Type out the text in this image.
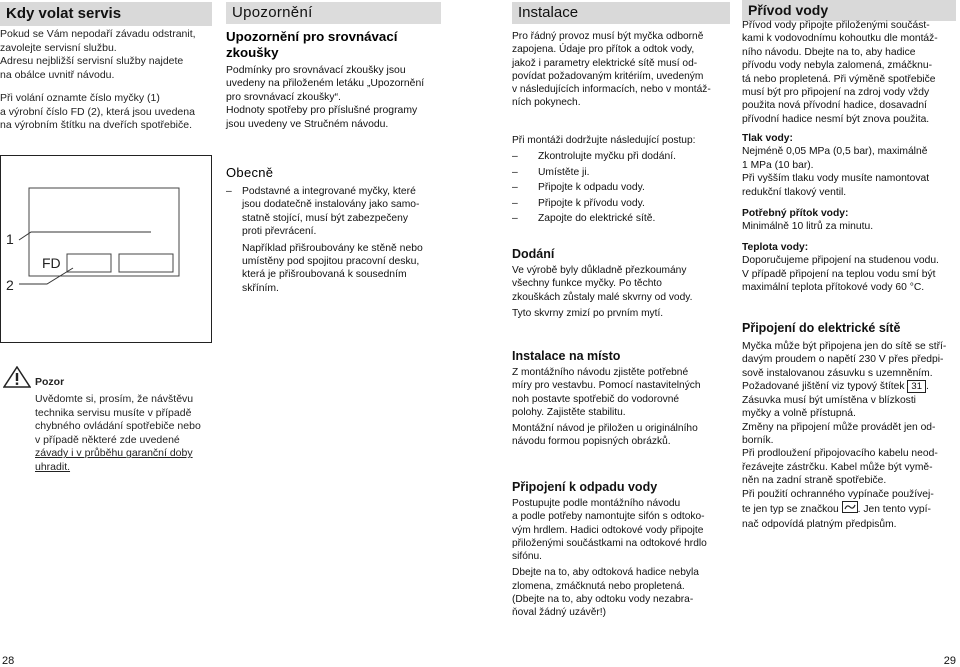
Kdy volat servis

Pokud se Vám nepodaří závadu odstranit,

zavolejte servisní službu.

Adresu nejbližší servisní služby najdete

na obálce uvnitř návodu.

Při volání oznamte číslo myčky (1)

a výrobní číslo FD (2), která jsou uvedena

na výrobním štítku na dveřích spotřebiče.

1
2
FD

Pozor

Uvědomte si, prosím, že návštěvu

technika servisu musíte v případě

chybného ovládání spotřebiče nebo

v případě některé zde uvedené

závady i v průběhu garanční doby

uhradit.

Upozornění

Upozornění pro srovnávací zkoušky

Podmínky pro srovnávací zkoušky jsou

uvedeny na přiloženém letáku „Upozornění

pro srovnávací zkoušky“.

Hodnoty spotřeby pro příslušné programy

jsou uvedeny ve Stručném návodu.

Obecně

– Podstavné a integrované myčky, které
jsou dodatečně instalovány jako samo-
statně stojící, musí být zabezpečeny
proti převrácení.

Například přišroubovány ke stěně nebo

umístěny pod spojitou pracovní desku,

která je přišroubovaná k sousedním

skříním.

Instalace

Pro řádný provoz musí být myčka odborně

zapojena. Údaje pro přítok a odtok vody,

jakož i parametry elektrické sítě musí od-

povídat požadovaným kritériím, uvedeným

v následujících informacích, nebo v montáž-

ních pokynech.

Při montáži dodržujte následující postup:

– Zkontrolujte myčku při dodání.
– Umístěte ji.
– Připojte k odpadu vody.
– Připojte k přívodu vody.
– Zapojte do elektrické sítě.
Dodání

Ve výrobě byly důkladně přezkoumány

všechny funkce myčky. Po těchto

zkouškách zůstaly malé skvrny od vody.

Tyto skvrny zmizí po prvním mytí.

Instalace na místo

Z montážního návodu zjistěte potřebné

míry pro vestavbu. Pomocí nastavitelných

noh postavte spotřebič do vodorovné

polohy. Zajistěte stabilitu.

Montážní návod je přiložen u originálního

návodu formou popisných obrázků.

Připojení k odpadu vody

Postupujte podle montážního návodu

a podle potřeby namontujte sifón s odtoko-

vým hrdlem. Hadici odtokové vody připojte

přiloženými součástkami na odtokové hrdlo

sifónu.

Dbejte na to, aby odtoková hadice nebyla

zlomena, zmáčknutá nebo propletená.

(Dbejte na to, aby odtoku vody nezabra-

ňoval žádný uzávěr!)

Přívod vody

Přívod vody připojte přiloženými součást-

kami k vodovodnímu kohoutku dle montáž-

ního návodu. Dbejte na to, aby hadice

přívodu vody nebyla zalomená, zmáčknu-

tá nebo propletená. Při výměně spotřebiče

musí být pro připojení na zdroj vody vždy

použita nová přívodní hadice, dosavadní

přívodní hadice nesmí být znova použita.

Tlak vody:

Nejméně 0,05 MPa (0,5 bar), maximálně

1 MPa (10 bar).

Při vyšším tlaku vody musíte namontovat

redukční tlakový ventil.

Potřebný přítok vody:

Minimálně 10 litrů za minutu.

Teplota vody:

Doporučujeme připojení na studenou vodu.

V případě připojení na teplou vodu smí být

maximální teplota přítokové vody 60 °C.

Připojení do elektrické sítě

Myčka může být připojena jen do sítě se stří-

davým proudem o napětí 230 V přes předpi-

sově instalovanou zásuvku s uzemněním.

Požadované jištění viz typový štítek 31 .

Zásuvka musí být umístěna v blízkosti

myčky a volně přístupná.

Změny na připojení může provádět jen od-

borník.

Při prodloužení připojovacího kabelu neod-

řezávejte zástrčku. Kabel může být vymě-

něn na zadní straně spotřebiče.

Při použití ochranného vypínače používej-

te jen typ se značkou . Jen tento vypí-

nač odpovídá platným předpisům.

28	29
